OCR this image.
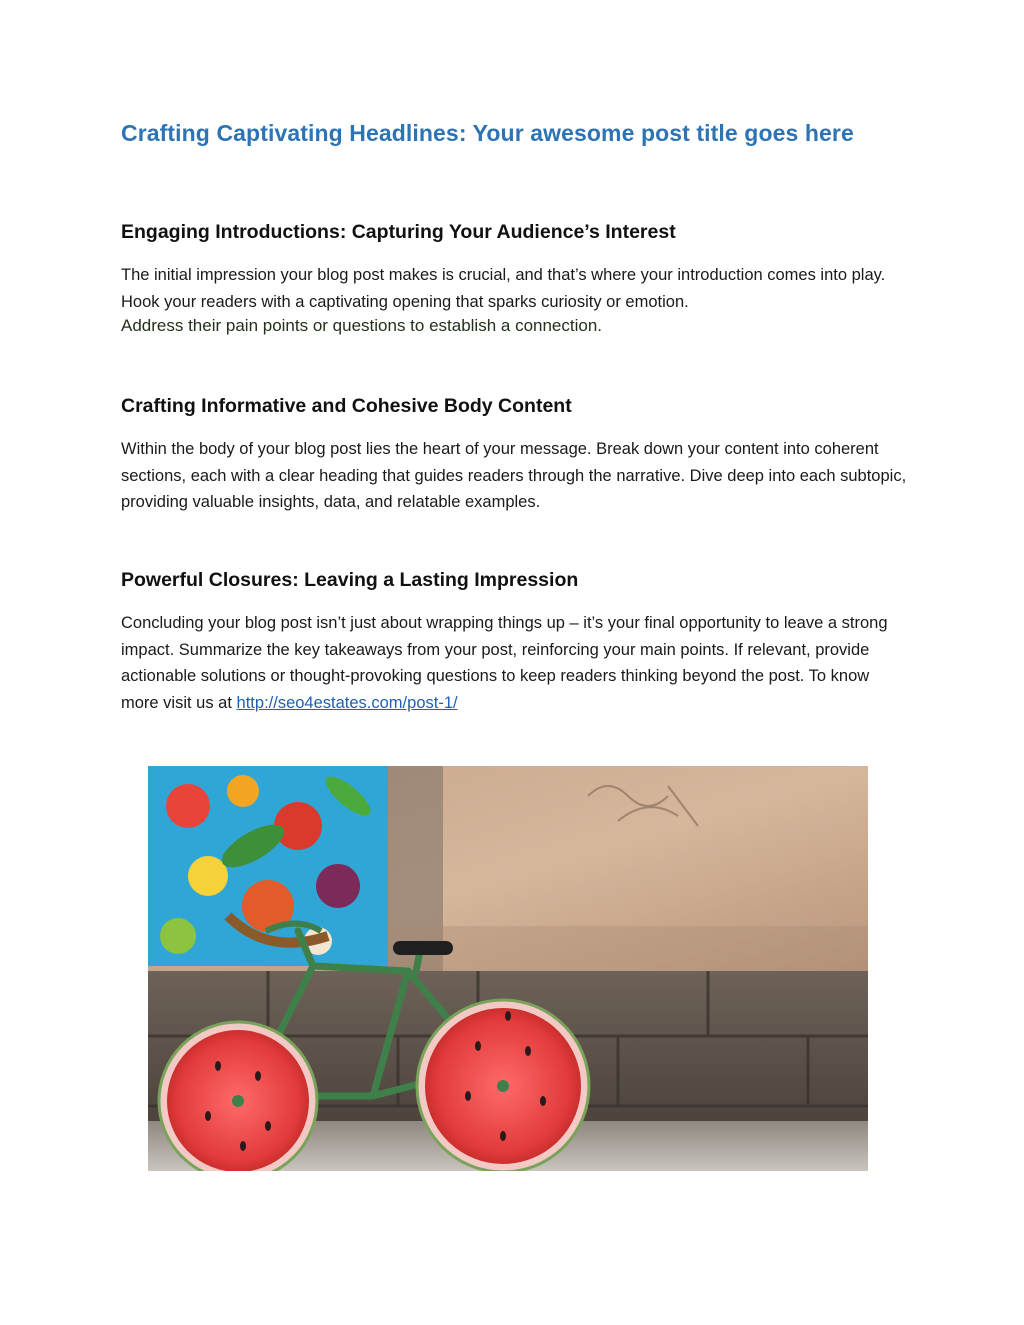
Crafting Captivating Headlines: Your awesome post title goes here
Engaging Introductions: Capturing Your Audience’s Interest

The initial impression your blog post makes is crucial, and that’s where your introduction comes into play. Hook your readers with a captivating opening that sparks curiosity or emotion.
Address their pain points or questions to establish a connection.

Crafting Informative and Cohesive Body Content

Within the body of your blog post lies the heart of your message. Break down your content into coherent sections, each with a clear heading that guides readers through the narrative. Dive deep into each subtopic, providing valuable insights, data, and relatable examples.

Powerful Closures: Leaving a Lasting Impression

Concluding your blog post isn’t just about wrapping things up – it’s your final opportunity to leave a strong impact. Summarize the key takeaways from your post, reinforcing your main points. If relevant, provide actionable solutions or thought-provoking questions to keep readers thinking beyond the post. To know more visit us at http://seo4estates.com/post-1/
